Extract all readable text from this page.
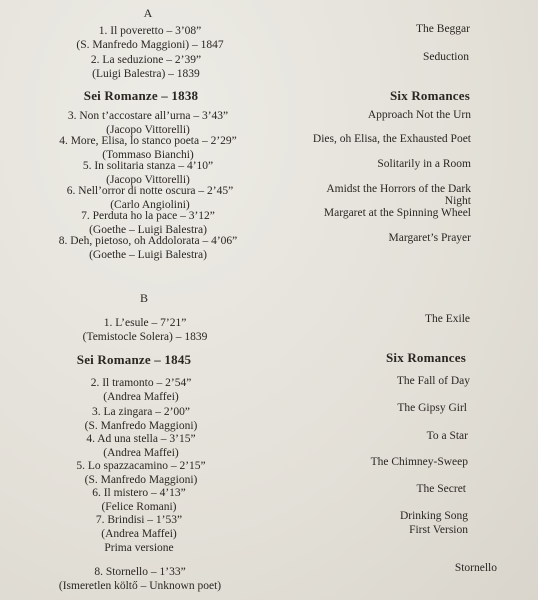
A
1. Il poveretto – 3’08”
(S. Manfredo Maggioni) – 1847
The Beggar
2. La seduzione – 2’39”
(Luigi Balestra) – 1839
Seduction
Sei Romanze – 1838	Six Romances
3. Non t’accostare all’urna – 3’43”
(Jacopo Vittorelli)
Approach Not the Urn
4. More, Elisa, lo stanco poeta – 2’29”
(Tommaso Bianchi)
Dies, oh Elisa, the Exhausted Poet
5. In solitaria stanza – 4’10”
(Jacopo Vittorelli)
Solitarily in a Room
6. Nell’orror di notte oscura – 2’45”
(Carlo Angiolini)
Amidst the Horrors of the Dark
Night
7. Perduta ho la pace – 3’12”
(Goethe – Luigi Balestra)
Margaret at the Spinning Wheel
8. Deh, pietoso, oh Addolorata – 4’06”
(Goethe – Luigi Balestra)
Margaret’s Prayer
B
1. L’esule – 7’21”
(Temistocle Solera) – 1839
The Exile
Sei Romanze – 1845	Six Romances
2. Il tramonto – 2’54”
(Andrea Maffei)
The Fall of Day
3. La zingara – 2’00”
(S. Manfredo Maggioni)
The Gipsy Girl
4. Ad una stella – 3’15”
(Andrea Maffei)
To a Star
5. Lo spazzacamino – 2’15”
(S. Manfredo Maggioni)
The Chimney-Sweep
6. Il mistero – 4’13”
(Felice Romani)
The Secret
7. Brindisi – 1’53”
(Andrea Maffei)
Prima versione
Drinking Song
First Version
8. Stornello – 1’33”
(Ismeretlen költő – Unknown poet)
Stornello
